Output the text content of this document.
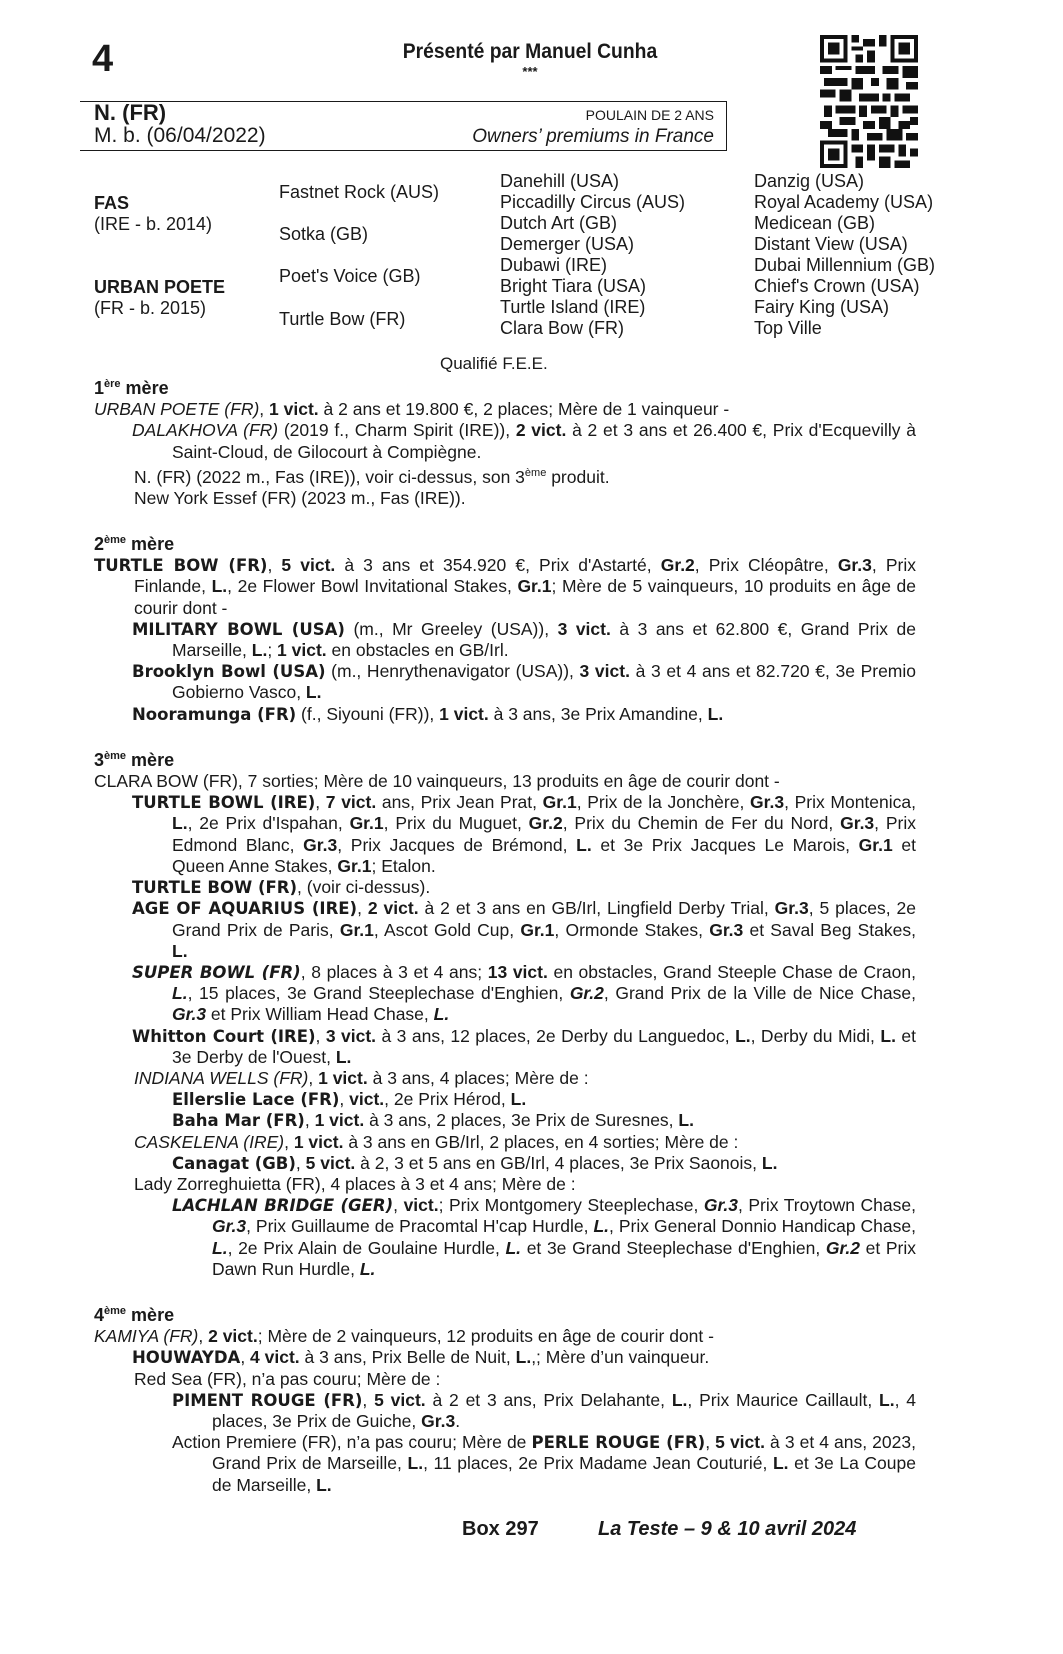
4	Présenté par Manuel Cunha
***
N. (FR)
M. b. (06/04/2022)
POULAIN DE 2 ANS
Owners’ premiums in France
FAS
(IRE - b. 2014)
URBAN POETE
(FR - b. 2015)
Fastnet Rock (AUS)
Sotka (GB)
Poet's Voice (GB)
Turtle Bow (FR)
Danehill (USA)
Piccadilly Circus (AUS)
Dutch Art (GB)
Demerger (USA)
Dubawi (IRE)
Bright Tiara (USA)
Turtle Island (IRE)
Clara Bow (FR)
Danzig (USA)
Royal Academy (USA)
Medicean (GB)
Distant View (USA)
Dubai Millennium (GB)
Chief's Crown (USA)
Fairy King (USA)
Top Ville
Qualifié F.E.E.
1ère mère
URBAN POETE (FR), 1 vict. à 2 ans et 19.800 €, 2 places; Mère de 1 vainqueur -
DALAKHOVA (FR) (2019 f., Charm Spirit (IRE)), 2 vict. à 2 et 3 ans et 26.400 €, Prix d'Ecquevilly à Saint-Cloud, de Gilocourt à Compiègne.
N. (FR) (2022 m., Fas (IRE)), voir ci-dessus, son 3ème produit.
New York Essef (FR) (2023 m., Fas (IRE)).
2ème mère
TURTLE BOW (FR), 5 vict. à 3 ans et 354.920 €, Prix d'Astarté, Gr.2, Prix Cléopâtre, Gr.3, Prix Finlande, L., 2e Flower Bowl Invitational Stakes, Gr.1; Mère de 5 vainqueurs, 10 produits en âge de courir dont -
MILITARY BOWL (USA) (m., Mr Greeley (USA)), 3 vict. à 3 ans et 62.800 €, Grand Prix de Marseille, L.; 1 vict. en obstacles en GB/Irl.
Brooklyn Bowl (USA) (m., Henrythenavigator (USA)), 3 vict. à 3 et 4 ans et 82.720 €, 3e Premio Gobierno Vasco, L.
Nooramunga (FR) (f., Siyouni (FR)), 1 vict. à 3 ans, 3e Prix Amandine, L.
3ème mère
CLARA BOW (FR), 7 sorties; Mère de 10 vainqueurs, 13 produits en âge de courir dont -
TURTLE BOWL (IRE), 7 vict. ans, Prix Jean Prat, Gr.1, Prix de la Jonchère, Gr.3, Prix Montenica, L., 2e Prix d'Ispahan, Gr.1, Prix du Muguet, Gr.2, Prix du Chemin de Fer du Nord, Gr.3, Prix Edmond Blanc, Gr.3, Prix Jacques de Brémond, L. et 3e Prix Jacques Le Marois, Gr.1 et Queen Anne Stakes, Gr.1; Etalon.
TURTLE BOW (FR), (voir ci-dessus).
AGE OF AQUARIUS (IRE), 2 vict. à 2 et 3 ans en GB/Irl, Lingfield Derby Trial, Gr.3, 5 places, 2e Grand Prix de Paris, Gr.1, Ascot Gold Cup, Gr.1, Ormonde Stakes, Gr.3 et Saval Beg Stakes, L.
SUPER BOWL (FR), 8 places à 3 et 4 ans; 13 vict. en obstacles, Grand Steeple Chase de Craon, L., 15 places, 3e Grand Steeplechase d'Enghien, Gr.2, Grand Prix de la Ville de Nice Chase, Gr.3 et Prix William Head Chase, L.
Whitton Court (IRE), 3 vict. à 3 ans, 12 places, 2e Derby du Languedoc, L., Derby du Midi, L. et 3e Derby de l'Ouest, L.
INDIANA WELLS (FR), 1 vict. à 3 ans, 4 places; Mère de :
Ellerslie Lace (FR), vict., 2e Prix Hérod, L.
Baha Mar (FR), 1 vict. à 3 ans, 2 places, 3e Prix de Suresnes, L.
CASKELENA (IRE), 1 vict. à 3 ans en GB/Irl, 2 places, en 4 sorties; Mère de :
Canagat (GB), 5 vict. à 2, 3 et 5 ans en GB/Irl, 4 places, 3e Prix Saonois, L.
Lady Zorreghuietta (FR), 4 places à 3 et 4 ans; Mère de :
LACHLAN BRIDGE (GER), vict.; Prix Montgomery Steeplechase, Gr.3, Prix Troytown Chase, Gr.3, Prix Guillaume de Pracomtal H'cap Hurdle, L., Prix General Donnio Handicap Chase, L., 2e Prix Alain de Goulaine Hurdle, L. et 3e Grand Steeplechase d'Enghien, Gr.2 et Prix Dawn Run Hurdle, L.
4ème mère
KAMIYA (FR), 2 vict.; Mère de 2 vainqueurs, 12 produits en âge de courir dont -
HOUWAYDA, 4 vict. à 3 ans, Prix Belle de Nuit, L.,; Mère d’un vainqueur.
Red Sea (FR), n’a pas couru; Mère de :
PIMENT ROUGE (FR), 5 vict. à 2 et 3 ans, Prix Delahante, L., Prix Maurice Caillault, L., 4 places, 3e Prix de Guiche, Gr.3.
Action Premiere (FR), n’a pas couru; Mère de PERLE ROUGE (FR), 5 vict. à 3 et 4 ans, 2023, Grand Prix de Marseille, L., 11 places, 2e Prix Madame Jean Couturié, L. et 3e La Coupe de Marseille, L.
Box 297	La Teste – 9 & 10 avril 2024
